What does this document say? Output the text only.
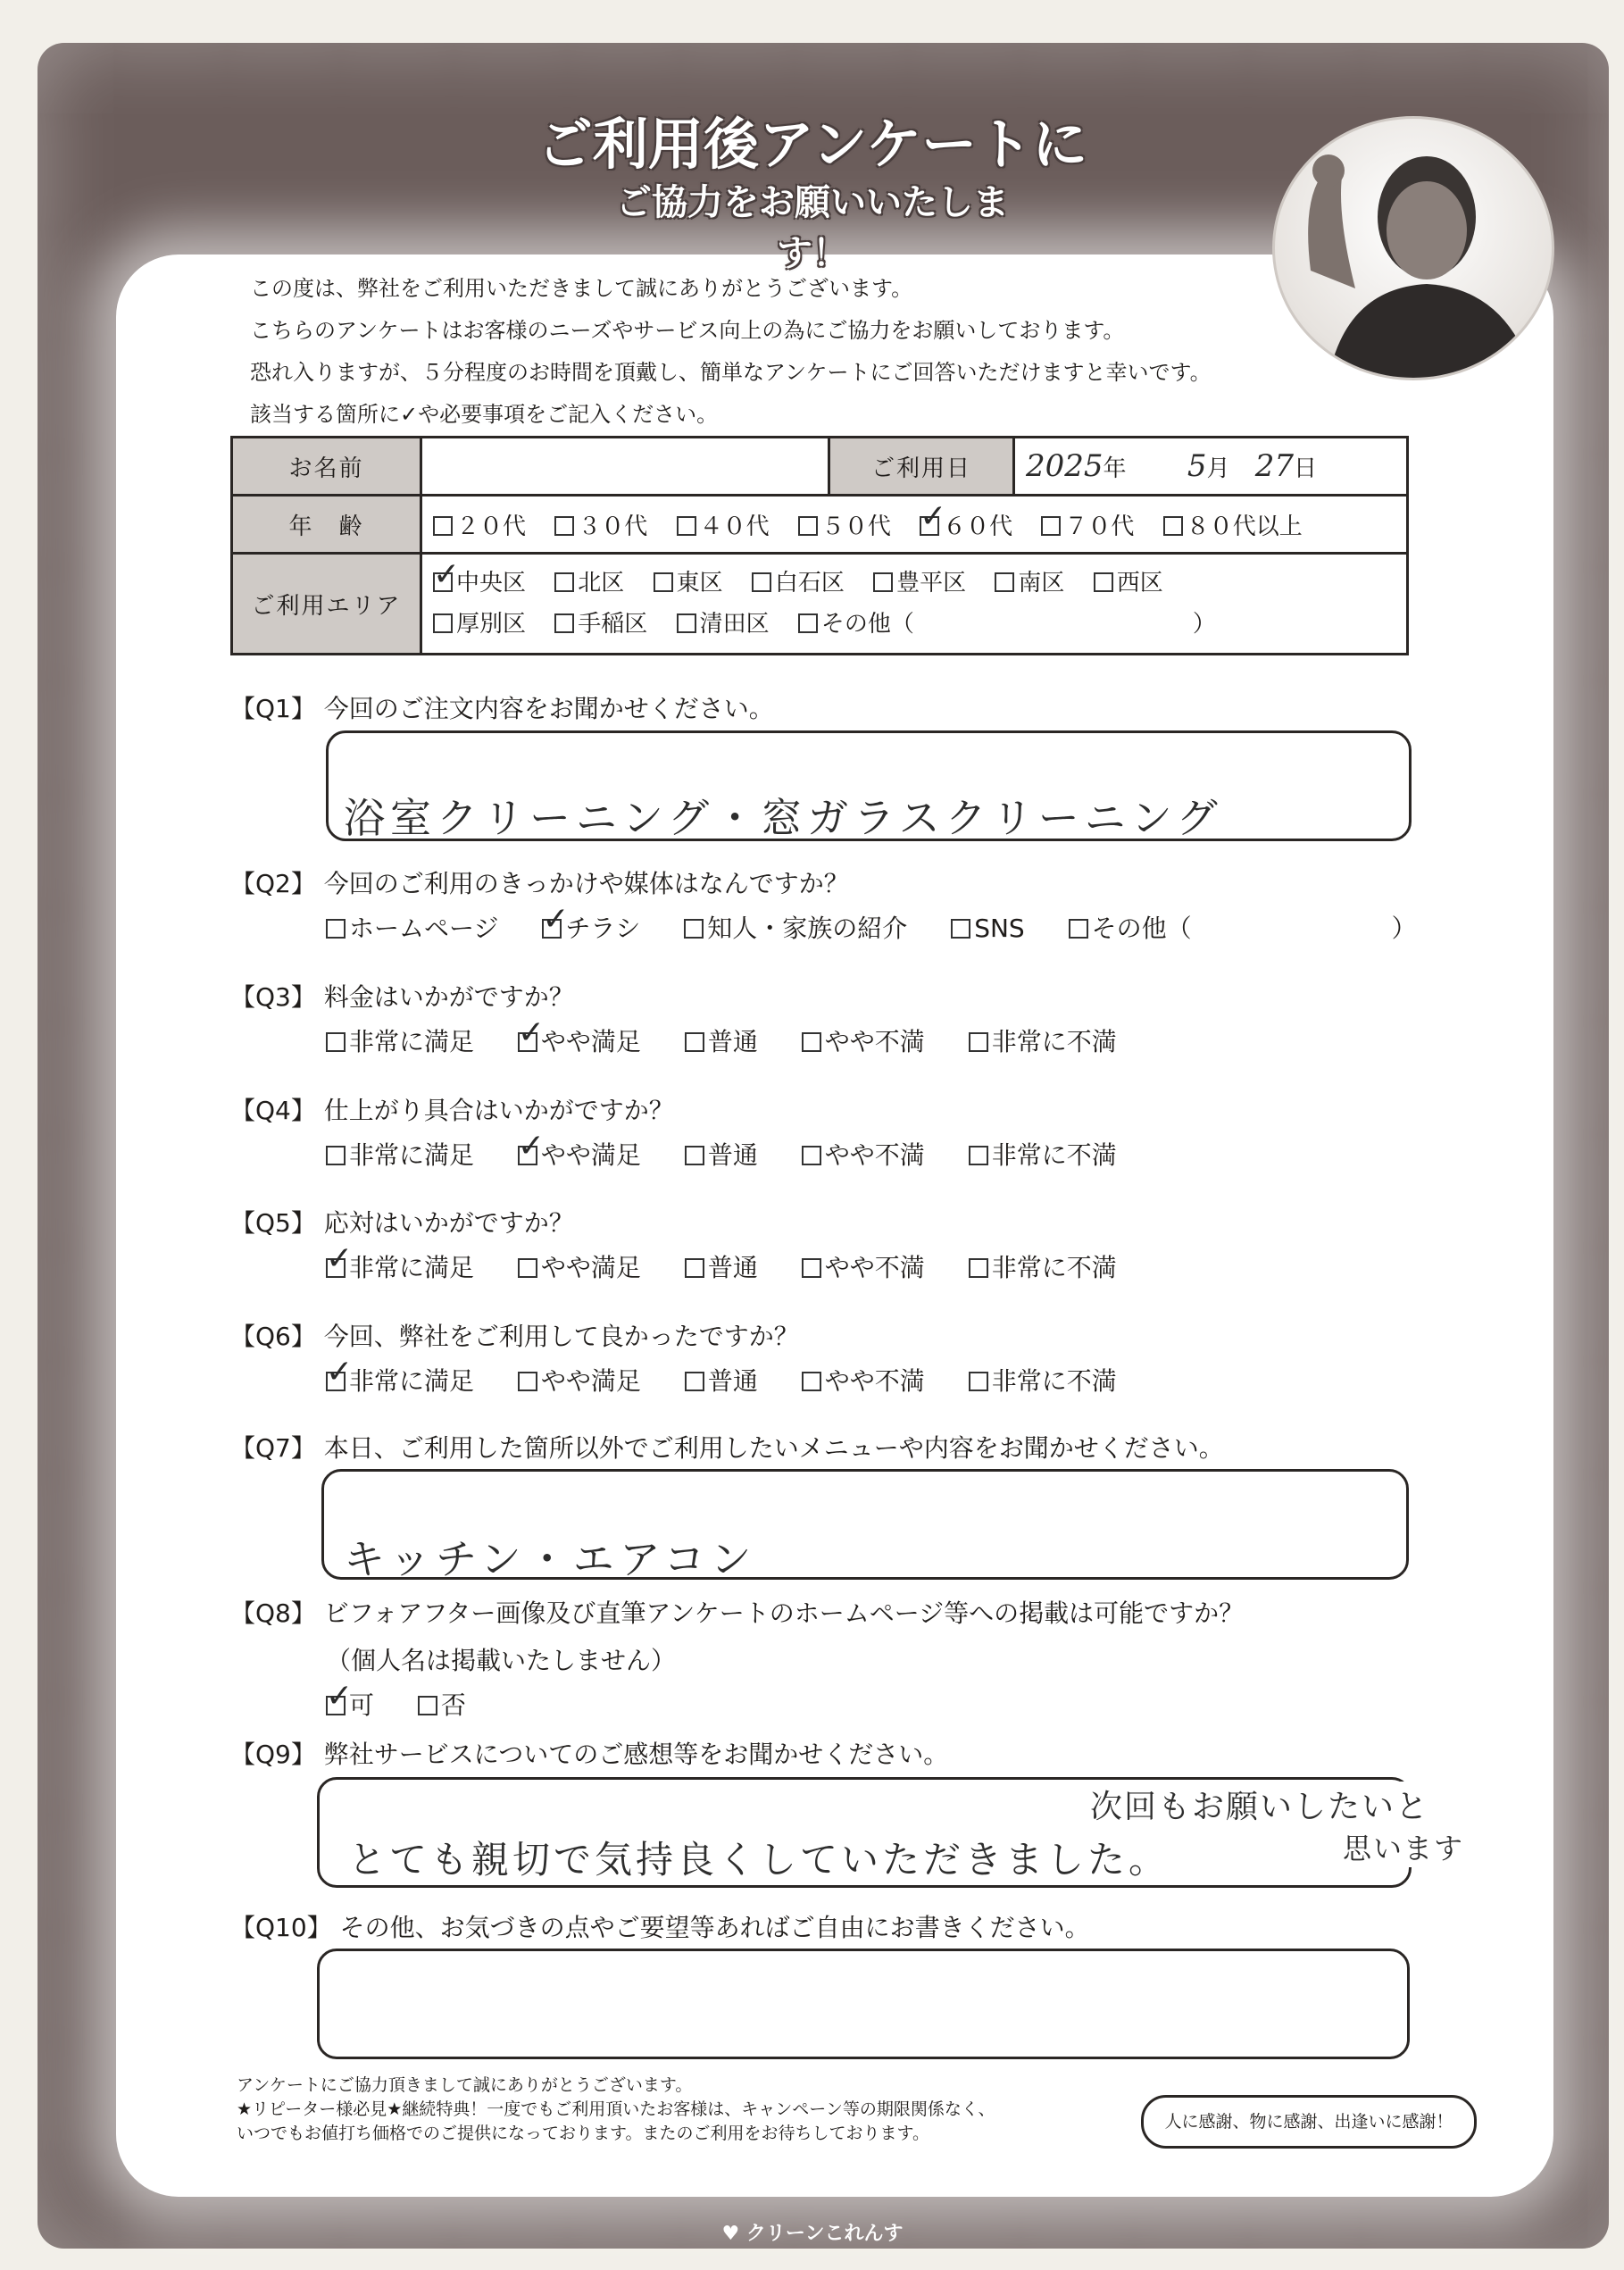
ご利用後アンケートに
ご協力をお願いいたします！
この度は、弊社をご利用いただきまして誠にありがとうございます。
こちらのアンケートはお客様のニーズやサービス向上の為にご協力をお願いしております。
恐れ入りますが、５分程度のお時間を頂戴し、簡単なアンケートにご回答いただけますと幸いです。
該当する箇所に✓や必要事項をご記入ください。
お名前		ご利用日	2025年 5月 27日
年　齢	２０代 ３０代 ４０代 ５０代 ✓ ６０代 ７０代 ８０代以上
ご利用エリア	
✓中央区 北区 東区 白石区 豊平区 南区 西区
厚別区 手稲区 清田区 その他（　　　　　　　　　　　　）
【Q1】 今回のご注文内容をお聞かせください。
浴室クリーニング・窓ガラスクリーニング
【Q2】 今回のご利用のきっかけや媒体はなんですか？
ホームページ ✓	チラシ	知人・家族の紹介	SNS	その他（　　　　　　　　）
【Q3】 料金はいかがですか？
非常に満足 ✓	やや満足	普通	やや不満	非常に不満
【Q4】 仕上がり具合はいかがですか？
非常に満足 ✓	やや満足	普通	やや不満	非常に不満
【Q5】 応対はいかがですか？
✓非常に満足	やや満足	普通	やや不満	非常に不満
【Q6】 今回、弊社をご利用して良かったですか？
✓非常に満足	やや満足	普通	やや不満	非常に不満
【Q7】 本日、ご利用した箇所以外でご利用したいメニューや内容をお聞かせください。
キッチン・エアコン
【Q8】 ビフォアフター画像及び直筆アンケートのホームページ等への掲載は可能ですか？
（個人名は掲載いたしません）
✓可	否
【Q9】 弊社サービスについてのご感想等をお聞かせください。
次回もお願いしたいと
思います
とても親切で気持良くしていただきました。
【Q10】 その他、お気づきの点やご要望等あればご自由にお書きください。
アンケートにご協力頂きまして誠にありがとうございます。
★リピーター様必見★継続特典！一度でもご利用頂いたお客様は、キャンペーン等の期限関係なく、
いつでもお値打ち価格でのご提供になっております。またのご利用をお待ちしております。
人に感謝、物に感謝、出逢いに感謝！
♥ クリーンこれんす
